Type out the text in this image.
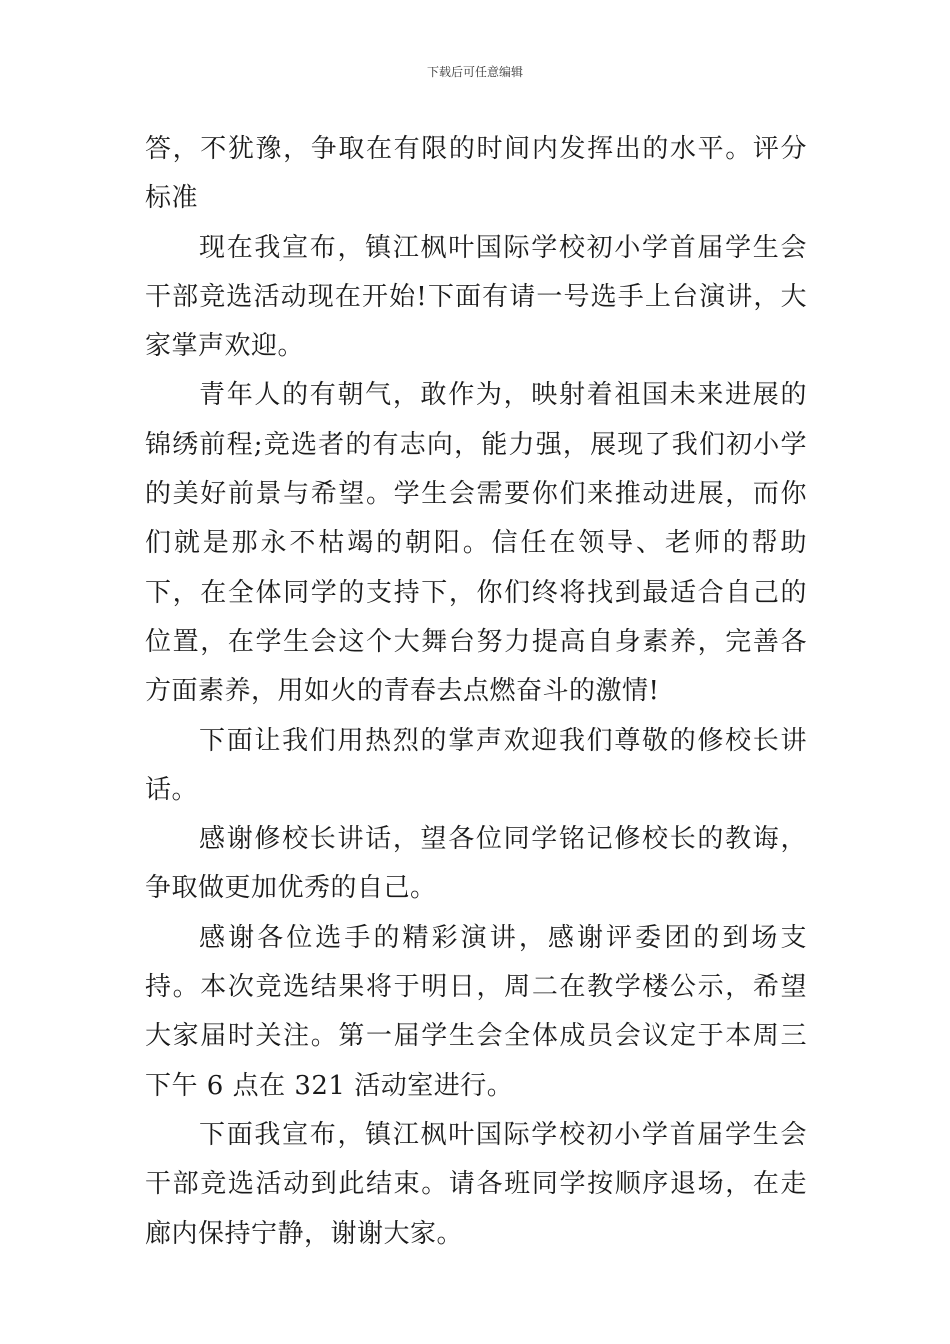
下载后可任意编辑

答，不犹豫，争取在有限的时间内发挥出的水平。评分标准

现在我宣布，镇江枫叶国际学校初小学首届学生会干部竞选活动现在开始!下面有请一号选手上台演讲，大家掌声欢迎。

青年人的有朝气，敢作为，映射着祖国未来进展的锦绣前程;竞选者的有志向，能力强，展现了我们初小学的美好前景与希望。学生会需要你们来推动进展，而你们就是那永不枯竭的朝阳。信任在领导、老师的帮助下，在全体同学的支持下，你们终将找到最适合自己的位置，在学生会这个大舞台努力提高自身素养，完善各方面素养，用如火的青春去点燃奋斗的激情!

下面让我们用热烈的掌声欢迎我们尊敬的修校长讲话。

感谢修校长讲话，望各位同学铭记修校长的教诲，争取做更加优秀的自己。

感谢各位选手的精彩演讲，感谢评委团的到场支持。本次竞选结果将于明日，周二在教学楼公示，希望大家届时关注。第一届学生会全体成员会议定于本周三下午 6 点在 321 活动室进行。

下面我宣布，镇江枫叶国际学校初小学首届学生会干部竞选活动到此结束。请各班同学按顺序退场，在走廊内保持宁静，谢谢大家。
